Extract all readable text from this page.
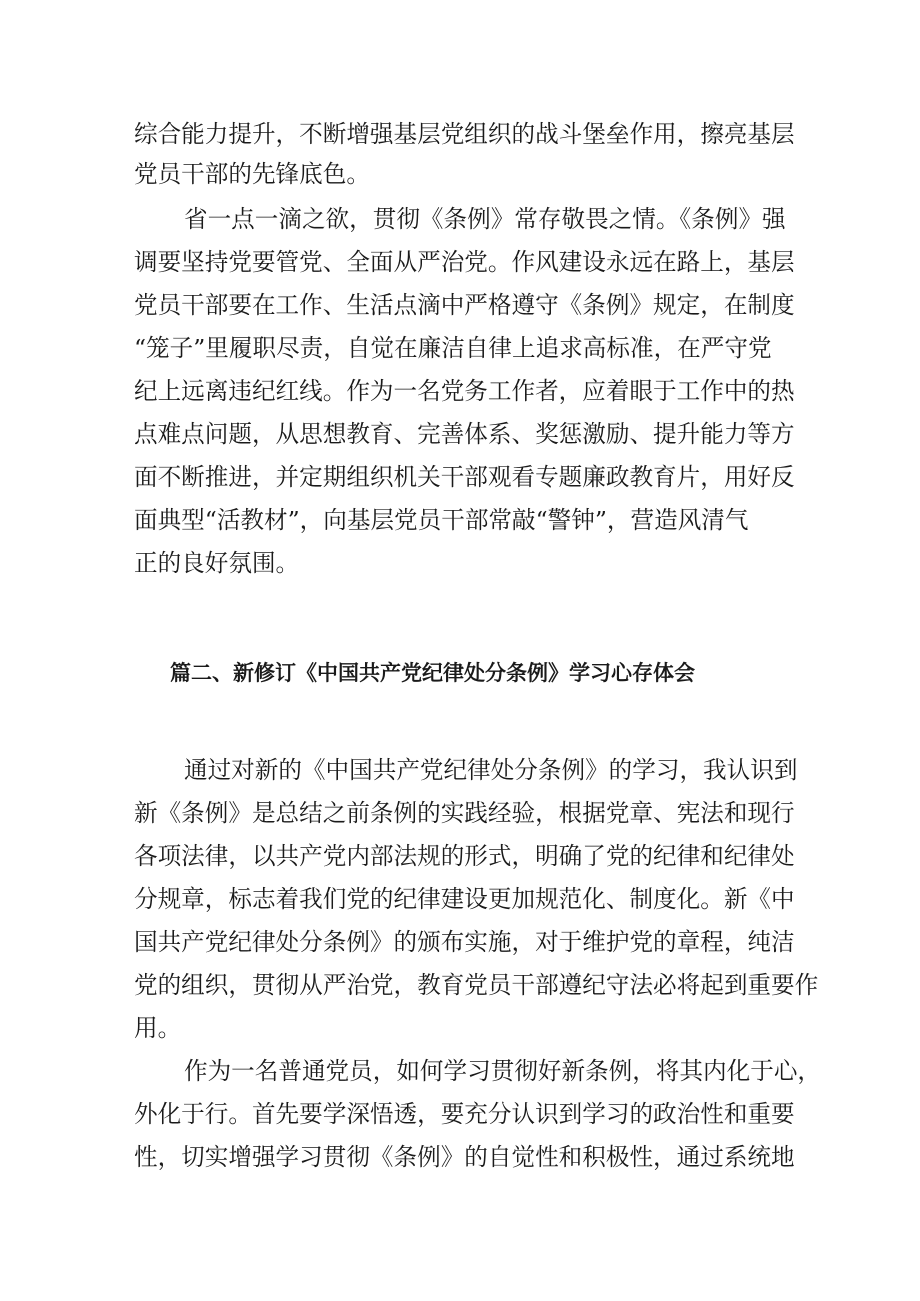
综合能力提升，不断增强基层党组织的战斗堡垒作用，擦亮基层
党员干部的先锋底色。
省一点一滴之欲，贯彻《条例》常存敬畏之情。《条例》强
调要坚持党要管党、全面从严治党。作风建设永远在路上，基层
党员干部要在工作、生活点滴中严格遵守《条例》规定，在制度
“笼子”里履职尽责，自觉在廉洁自律上追求高标准，在严守党
纪上远离违纪红线。作为一名党务工作者，应着眼于工作中的热
点难点问题，从思想教育、完善体系、奖惩激励、提升能力等方
面不断推进，并定期组织机关干部观看专题廉政教育片，用好反
面典型“活教材”，向基层党员干部常敲“警钟”，营造风清气
正的良好氛围。
篇二、新修订《中国共产党纪律处分条例》学习心存体会
通过对新的《中国共产党纪律处分条例》的学习，我认识到
新《条例》是总结之前条例的实践经验，根据党章、宪法和现行
各项法律，以共产党内部法规的形式，明确了党的纪律和纪律处
分规章，标志着我们党的纪律建设更加规范化、制度化。新《中
国共产党纪律处分条例》的颁布实施，对于维护党的章程，纯洁
党的组织，贯彻从严治党，教育党员干部遵纪守法必将起到重要作
用。
作为一名普通党员，如何学习贯彻好新条例，将其内化于心，
外化于行。首先要学深悟透，要充分认识到学习的政治性和重要
性，切实增强学习贯彻《条例》的自觉性和积极性，通过系统地
